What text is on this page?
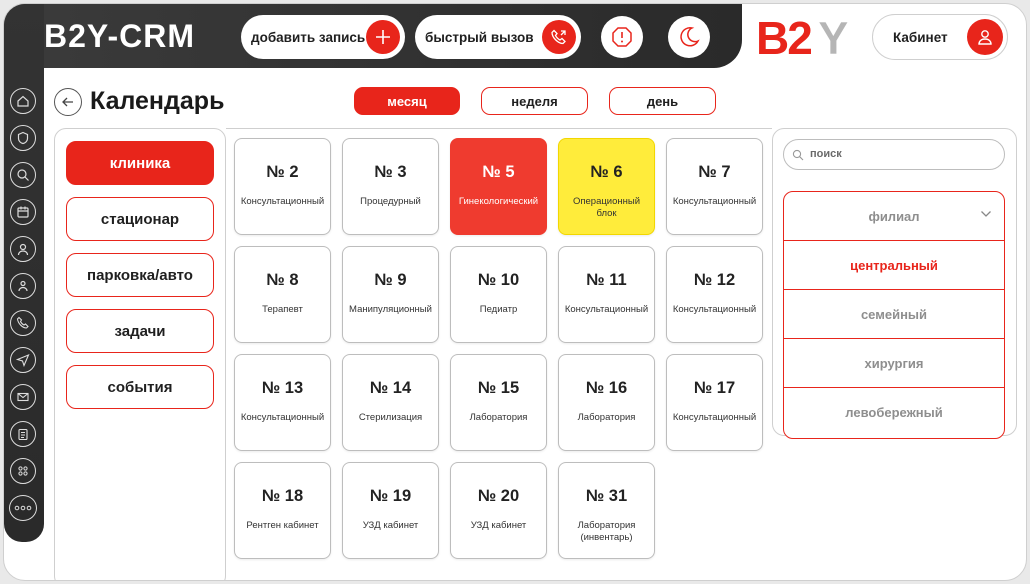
B2Y-CRM	добавить запись	быстрый вызов	B2 Y	Кабинет
Календарь	месяц	неделя	день
клиника
стационар
парковка/авто
задачи
события
№ 2
Консультационный
№ 3
Процедурный
№ 5
Гинекологический
№ 6
Операционный блок
№ 7
Консультационный
№ 8
Терапевт
№ 9
Манипуляционный
№ 10
Педиатр
№ 11
Консультационный
№ 12
Консультационный
№ 13
Консультационный
№ 14
Стерилизация
№ 15
Лаборатория
№ 16
Лаборатория
№ 17
Консультационный
№ 18
Рентген кабинет
№ 19
УЗД кабинет
№ 20
УЗД кабинет
№ 31
Лаборатория (инвентарь)
поиск
филиал
центральный
семейный
хирургия
левобережный
